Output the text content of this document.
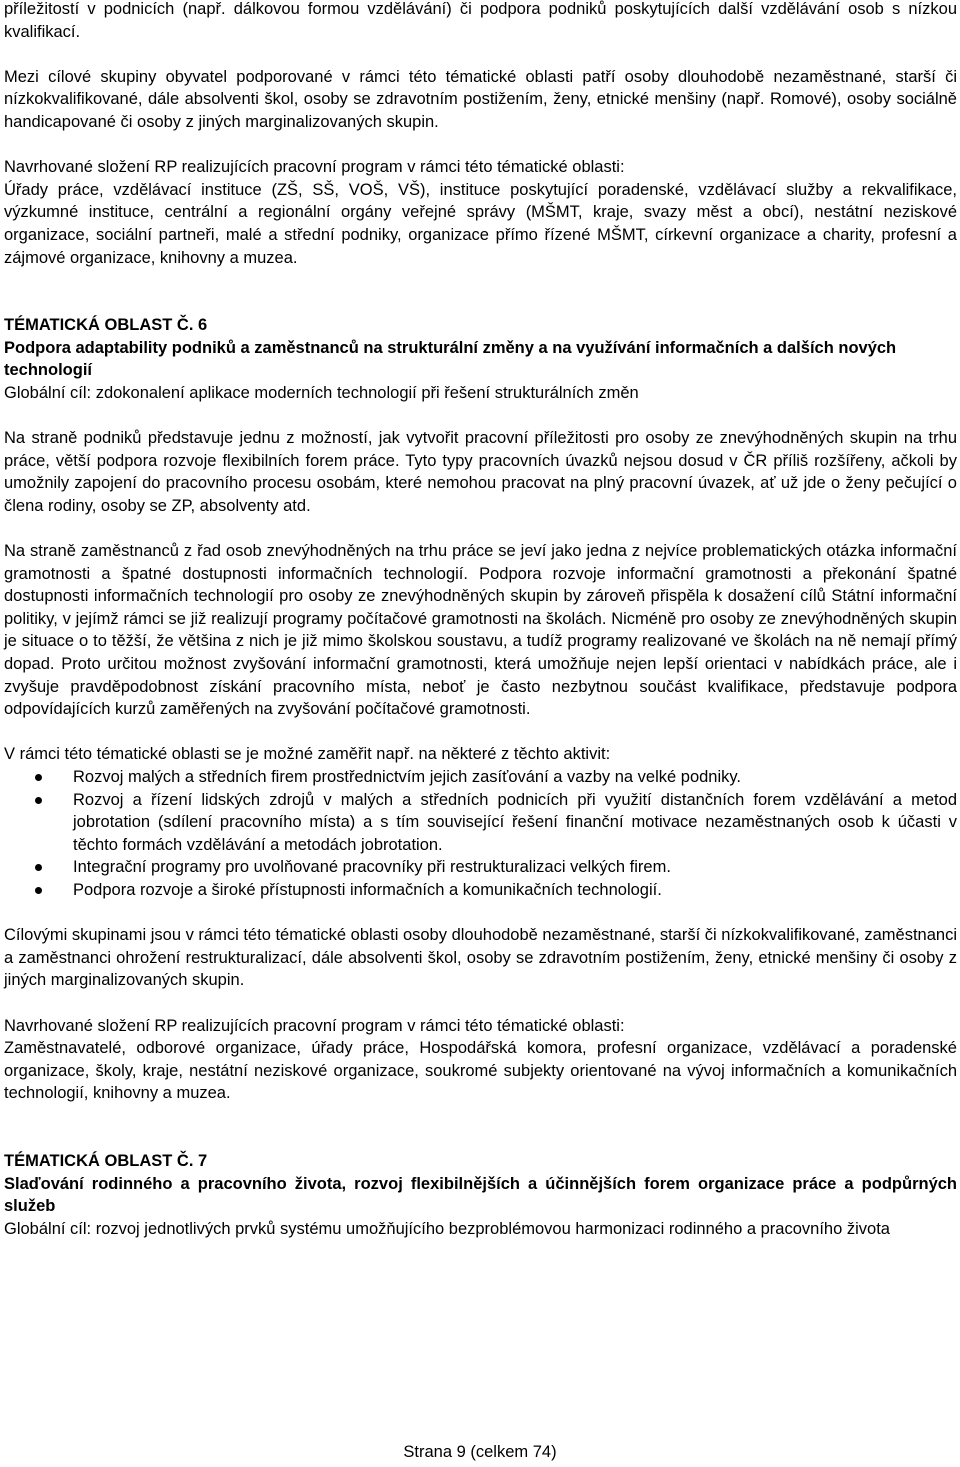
příležitostí v podnicích (např. dálkovou formou vzdělávání) či podpora podniků poskytujících další vzdělávání osob s nízkou kvalifikací.

Mezi cílové skupiny obyvatel podporované v rámci této tématické oblasti patří osoby dlouhodobě nezaměstnané, starší či nízkokvalifikované, dále absolventi škol, osoby se zdravotním postižením, ženy, etnické menšiny (např. Romové), osoby sociálně handicapované či osoby z jiných marginalizovaných skupin.

Navrhované složení RP realizujících pracovní program v rámci této tématické oblasti:

Úřady práce, vzdělávací instituce (ZŠ, SŠ, VOŠ, VŠ), instituce poskytující poradenské, vzdělávací služby a rekvalifikace, výzkumné instituce, centrální a regionální orgány veřejné správy (MŠMT, kraje, svazy měst a obcí), nestátní neziskové organizace, sociální partneři, malé a střední podniky, organizace přímo řízené MŠMT, církevní organizace a charity, profesní a zájmové organizace, knihovny a muzea.

TÉMATICKÁ OBLAST Č. 6

Podpora adaptability podniků a zaměstnanců na strukturální změny a na využívání informačních a dalších nových technologií

Globální cíl: zdokonalení aplikace moderních technologií při řešení strukturálních změn

Na straně podniků představuje jednu z možností, jak vytvořit pracovní příležitosti pro osoby ze znevýhodněných skupin na trhu práce, větší podpora rozvoje flexibilních forem práce. Tyto typy pracovních úvazků nejsou dosud v ČR příliš rozšířeny, ačkoli by umožnily zapojení do pracovního procesu osobám, které nemohou pracovat na plný pracovní úvazek, ať už jde o ženy pečující o člena rodiny, osoby se ZP, absolventy atd.

Na straně zaměstnanců z řad osob znevýhodněných na trhu práce se jeví jako jedna z nejvíce problematických otázka informační gramotnosti a špatné dostupnosti informačních technologií. Podpora rozvoje informační gramotnosti a překonání špatné dostupnosti informačních technologií pro osoby ze znevýhodněných skupin by zároveň přispěla k dosažení cílů Státní informační politiky, v jejímž rámci se již realizují programy počítačové gramotnosti na školách. Nicméně pro osoby ze znevýhodněných skupin je situace o to těžší, že většina z nich je již mimo školskou soustavu, a tudíž programy realizované ve školách na ně nemají přímý dopad. Proto určitou možnost zvyšování informační gramotnosti, která umožňuje nejen lepší orientaci v nabídkách práce, ale i zvyšuje pravděpodobnost získání pracovního místa, neboť je často nezbytnou součást kvalifikace, představuje podpora odpovídajících kurzů zaměřených na zvyšování počítačové gramotnosti.

V rámci této tématické oblasti se je možné zaměřit např. na některé z těchto aktivit:

Rozvoj malých a středních firem prostřednictvím jejich zasíťování a vazby na velké podniky.
Rozvoj a řízení lidských zdrojů v malých a středních podnicích při využití distančních forem vzdělávání a metod jobrotation (sdílení pracovního místa) a s tím související řešení finanční motivace nezaměstnaných osob k účasti v těchto formách vzdělávání a metodách jobrotation.
Integrační programy pro uvolňované pracovníky při restrukturalizaci velkých firem.
Podpora rozvoje a široké přístupnosti informačních a komunikačních technologií.

Cílovými skupinami jsou v rámci této tématické oblasti osoby dlouhodobě nezaměstnané, starší či nízkokvalifikované, zaměstnanci a zaměstnanci ohrožení restrukturalizací, dále absolventi škol, osoby se zdravotním postižením, ženy, etnické menšiny či osoby z jiných marginalizovaných skupin.

Navrhované složení RP realizujících pracovní program v rámci této tématické oblasti:

Zaměstnavatelé, odborové organizace, úřady práce, Hospodářská komora, profesní organizace, vzdělávací a poradenské organizace, školy, kraje, nestátní neziskové organizace, soukromé subjekty orientované na vývoj informačních a komunikačních technologií, knihovny a muzea.

TÉMATICKÁ OBLAST Č. 7

Slaďování rodinného a pracovního života, rozvoj flexibilnějších a účinnějších forem organizace práce a podpůrných služeb

Globální cíl: rozvoj jednotlivých prvků systému umožňujícího bezproblémovou harmonizaci rodinného a pracovního života

Strana 9 (celkem 74)
